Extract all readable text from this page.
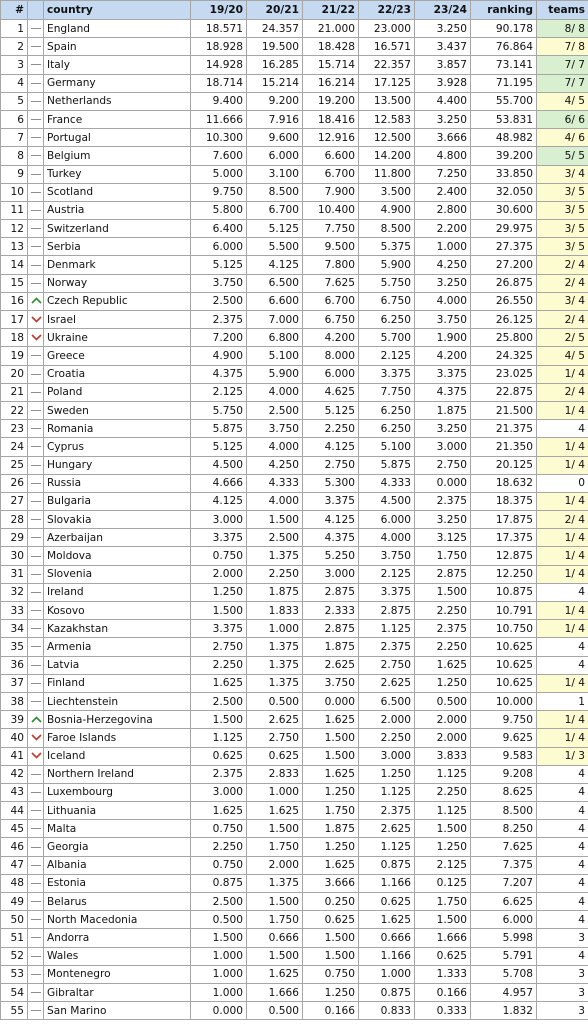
#		country	19/20	20/21	21/22	22/23	23/24	ranking	teams
1		England	18.571	24.357	21.000	23.000	3.250	90.178	8/ 8
2		Spain	18.928	19.500	18.428	16.571	3.437	76.864	7/ 8
3		Italy	14.928	16.285	15.714	22.357	3.857	73.141	7/ 7
4		Germany	18.714	15.214	16.214	17.125	3.928	71.195	7/ 7
5		Netherlands	9.400	9.200	19.200	13.500	4.400	55.700	4/ 5
6		France	11.666	7.916	18.416	12.583	3.250	53.831	6/ 6
7		Portugal	10.300	9.600	12.916	12.500	3.666	48.982	4/ 6
8		Belgium	7.600	6.000	6.600	14.200	4.800	39.200	5/ 5
9		Turkey	5.000	3.100	6.700	11.800	7.250	33.850	3/ 4
10		Scotland	9.750	8.500	7.900	3.500	2.400	32.050	3/ 5
11		Austria	5.800	6.700	10.400	4.900	2.800	30.600	3/ 5
12		Switzerland	6.400	5.125	7.750	8.500	2.200	29.975	3/ 5
13		Serbia	6.000	5.500	9.500	5.375	1.000	27.375	3/ 5
14		Denmark	5.125	4.125	7.800	5.900	4.250	27.200	2/ 4
15		Norway	3.750	6.500	7.625	5.750	3.250	26.875	2/ 4
16		Czech Republic	2.500	6.600	6.700	6.750	4.000	26.550	3/ 4
17		Israel	2.375	7.000	6.750	6.250	3.750	26.125	2/ 4
18		Ukraine	7.200	6.800	4.200	5.700	1.900	25.800	2/ 5
19		Greece	4.900	5.100	8.000	2.125	4.200	24.325	4/ 5
20		Croatia	4.375	5.900	6.000	3.375	3.375	23.025	1/ 4
21		Poland	2.125	4.000	4.625	7.750	4.375	22.875	2/ 4
22		Sweden	5.750	2.500	5.125	6.250	1.875	21.500	1/ 4
23		Romania	5.875	3.750	2.250	6.250	3.250	21.375	4
24		Cyprus	5.125	4.000	4.125	5.100	3.000	21.350	1/ 4
25		Hungary	4.500	4.250	2.750	5.875	2.750	20.125	1/ 4
26		Russia	4.666	4.333	5.300	4.333	0.000	18.632	0
27		Bulgaria	4.125	4.000	3.375	4.500	2.375	18.375	1/ 4
28		Slovakia	3.000	1.500	4.125	6.000	3.250	17.875	2/ 4
29		Azerbaijan	3.375	2.500	4.375	4.000	3.125	17.375	1/ 4
30		Moldova	0.750	1.375	5.250	3.750	1.750	12.875	1/ 4
31		Slovenia	2.000	2.250	3.000	2.125	2.875	12.250	1/ 4
32		Ireland	1.250	1.875	2.875	3.375	1.500	10.875	4
33		Kosovo	1.500	1.833	2.333	2.875	2.250	10.791	1/ 4
34		Kazakhstan	3.375	1.000	2.875	1.125	2.375	10.750	1/ 4
35		Armenia	2.750	1.375	1.875	2.375	2.250	10.625	4
36		Latvia	2.250	1.375	2.625	2.750	1.625	10.625	4
37		Finland	1.625	1.375	3.750	2.625	1.250	10.625	1/ 4
38		Liechtenstein	2.500	0.500	0.000	6.500	0.500	10.000	1
39		Bosnia-Herzegovina	1.500	2.625	1.625	2.000	2.000	9.750	1/ 4
40		Faroe Islands	1.125	2.750	1.500	2.250	2.000	9.625	1/ 4
41		Iceland	0.625	0.625	1.500	3.000	3.833	9.583	1/ 3
42		Northern Ireland	2.375	2.833	1.625	1.250	1.125	9.208	4
43		Luxembourg	3.000	1.000	1.250	1.125	2.250	8.625	4
44		Lithuania	1.625	1.625	1.750	2.375	1.125	8.500	4
45		Malta	0.750	1.500	1.875	2.625	1.500	8.250	4
46		Georgia	2.250	1.750	1.250	1.125	1.250	7.625	4
47		Albania	0.750	2.000	1.625	0.875	2.125	7.375	4
48		Estonia	0.875	1.375	3.666	1.166	0.125	7.207	4
49		Belarus	2.500	1.500	0.250	0.625	1.750	6.625	4
50		North Macedonia	0.500	1.750	0.625	1.625	1.500	6.000	4
51		Andorra	1.500	0.666	1.500	0.666	1.666	5.998	3
52		Wales	1.000	1.500	1.500	1.166	0.625	5.791	4
53		Montenegro	1.000	1.625	0.750	1.000	1.333	5.708	3
54		Gibraltar	1.000	1.666	1.250	0.875	0.166	4.957	3
55		San Marino	0.000	0.500	0.166	0.833	0.333	1.832	3
